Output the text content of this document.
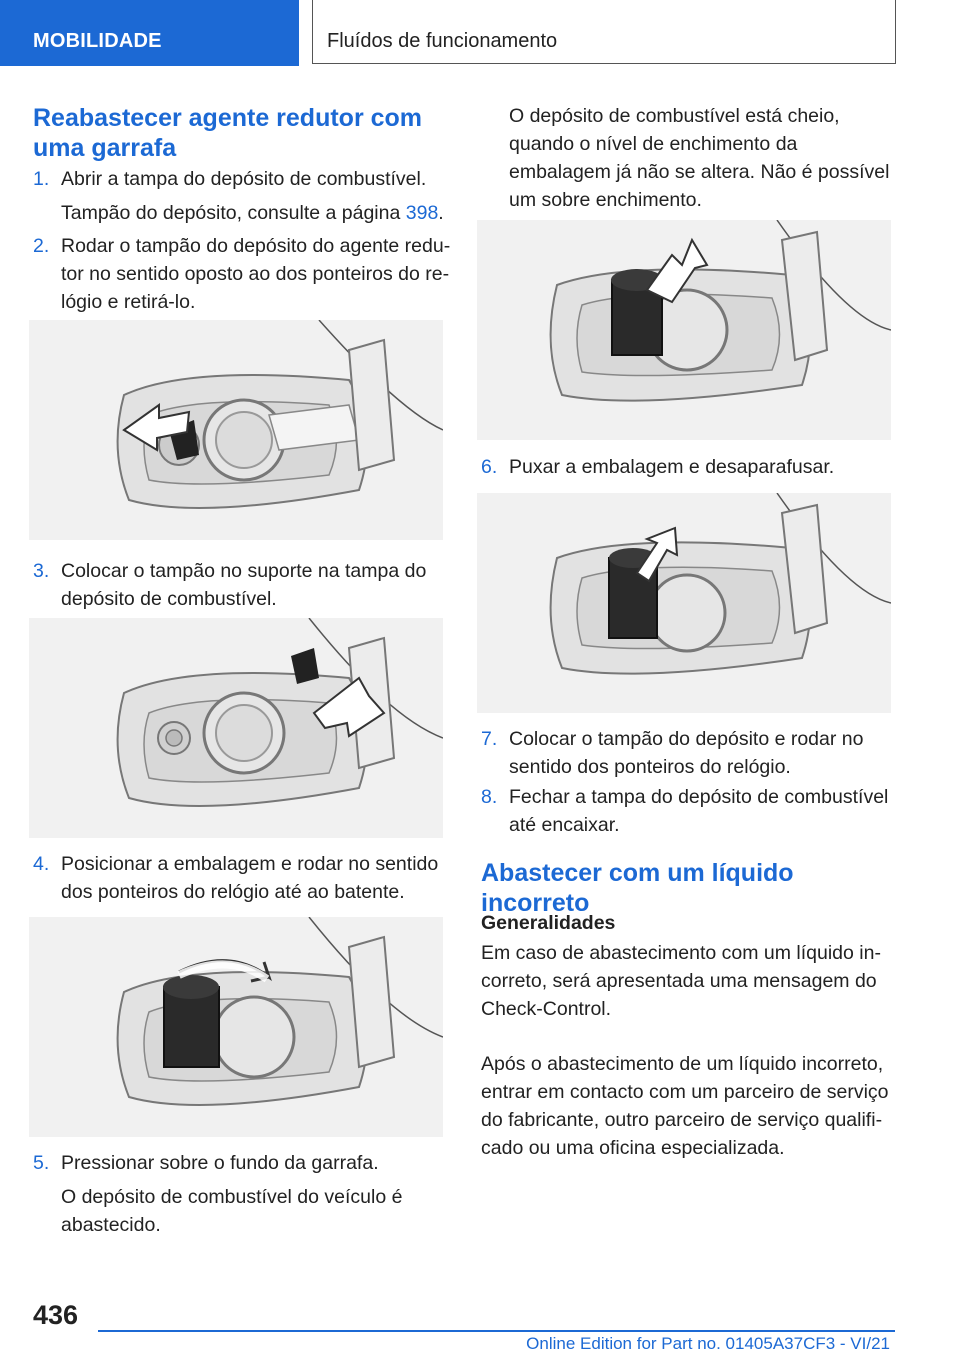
MOBILIDADE	Fluídos de funcionamento
Reabastecer agente redutor com uma garrafa
1. Abrir a tampa do depósito de combustível.
Tampão do depósito, consulte a página 398.
2. Rodar o tampão do depósito do agente redutor no sentido oposto ao dos ponteiros do relógio e retirá-lo.
3. Colocar o tampão no suporte na tampa do depósito de combustível.
4. Posicionar a embalagem e rodar no sentido dos ponteiros do relógio até ao batente.
5. Pressionar sobre o fundo da garrafa.
O depósito de combustível do veículo é abastecido.
O depósito de combustível está cheio, quando o nível de enchimento da embalagem já não se altera. Não é possível um sobre enchimento.
6. Puxar a embalagem e desaparafusar.
7. Colocar o tampão do depósito e rodar no sentido dos ponteiros do relógio.
8. Fechar a tampa do depósito de combustível até encaixar.
Abastecer com um líquido incorreto
Generalidades
Em caso de abastecimento com um líquido incorreto, será apresentada uma mensagem do Check-Control.
Após o abastecimento de um líquido incorreto, entrar em contacto com um parceiro de serviço do fabricante, outro parceiro de serviço qualificado ou uma oficina especializada.
436
Online Edition for Part no. 01405A37CF3 - VI/21
